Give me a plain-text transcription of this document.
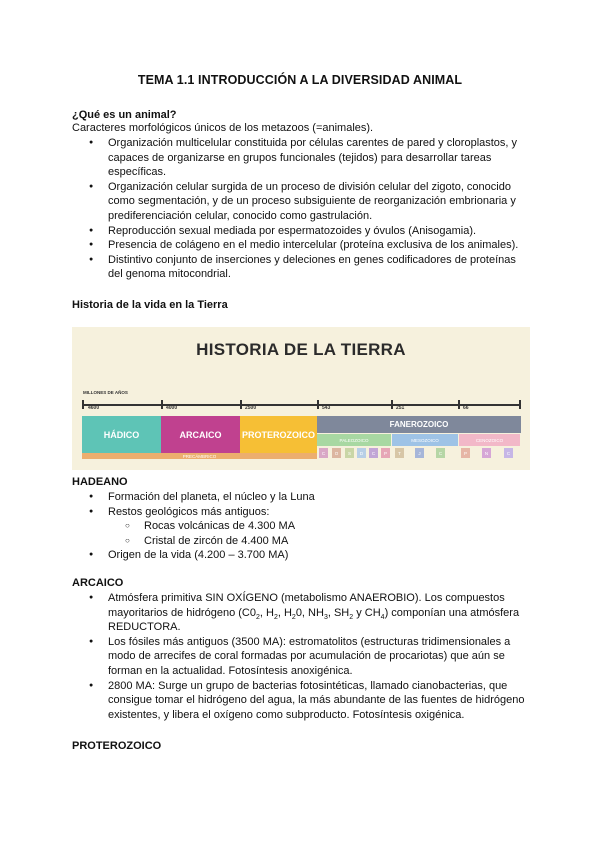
TEMA 1.1 INTRODUCCIÓN A LA DIVERSIDAD ANIMAL
¿Qué es un animal?
Caracteres morfológicos únicos de los metazoos (=animales).
● Organización multicelular constituida por células carentes de pared y cloroplastos, y capaces de organizarse en grupos funcionales (tejidos) para desarrollar tareas específicas.
● Organización celular surgida de un proceso de división celular del zigoto, conocido como segmentación, y de un proceso subsiguiente de reorganización embrionaria y prediferenciación celular, conocido como gastrulación.
● Reproducción sexual mediada por espermatozoides y óvulos (Anisogamia).
● Presencia de colágeno en el medio intercelular (proteína exclusiva de los animales).
● Distintivo conjunto de inserciones y deleciones en genes codificadores de proteínas del genoma mitocondrial.
Historia de la vida en la Tierra
HISTORIA DE LA TIERRA
MILLONES DE AÑOS
4600	4000	2500	543	251	66
HÁDICO	ARCAICO	PROTEROZOICO
FANEROZOICO
PALEOZOICO	MESOZOICO	CENOZOICO
C	O	S	D	C	P	T	J	C	P	N	C
PRECÁMBRICO
HADEANO
● Formación del planeta, el núcleo y la Luna
● Restos geológicos más antiguos:
○ Rocas volcánicas de 4.300 MA
○ Cristal de zircón de 4.400 MA
● Origen de la vida (4.200 – 3.700 MA)
ARCAICO
● Atmósfera primitiva SIN OXÍGENO (metabolismo ANAEROBIO). Los compuestos mayoritarios de hidrógeno ($C0_2$, $H_2$, $H_20$, $NH_3$, $SH_2$ y $CH_4$) componían una atmósfera REDUCTORA.
● Los fósiles más antiguos (3500 MA): estromatolitos (estructuras tridimensionales a modo de arrecifes de coral formadas por acumulación de procariotas) que aún se forman en la actualidad. Fotosíntesis anoxigénica.
● 2800 MA: Surge un grupo de bacterias fotosintéticas, llamado cianobacterias, que consigue tomar el hidrógeno del agua, la más abundante de las fuentes de hidrógeno existentes, y libera el oxígeno como subproducto. Fotosíntesis oxigénica.
PROTEROZOICO
